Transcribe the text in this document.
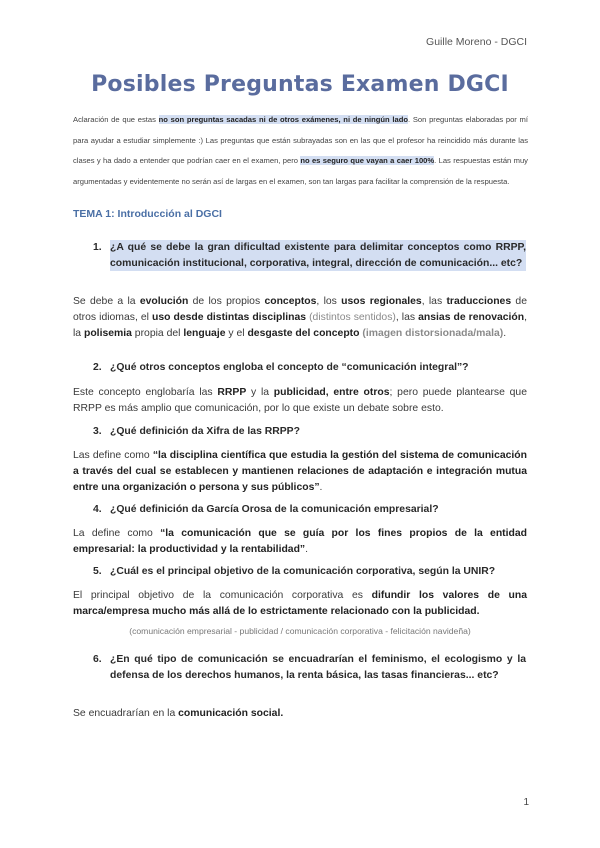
Guille Moreno - DGCI
Posibles Preguntas Examen DGCI
Aclaración de que estas no son preguntas sacadas ni de otros exámenes, ni de ningún lado. Son preguntas elaboradas por mí para ayudar a estudiar simplemente :) Las preguntas que están subrayadas son en las que el profesor ha reincidido más durante las clases y ha dado a entender que podrían caer en el examen, pero no es seguro que vayan a caer 100%. Las respuestas están muy argumentadas y evidentemente no serán así de largas en el examen, son tan largas para facilitar la comprensión de la respuesta.
TEMA 1: Introducción al DGCI
1. ¿A qué se debe la gran dificultad existente para delimitar conceptos como RRPP, comunicación institucional, corporativa, integral, dirección de comunicación... etc?
Se debe a la evolución de los propios conceptos, los usos regionales, las traducciones de otros idiomas, el uso desde distintas disciplinas (distintos sentidos), las ansias de renovación, la polisemia propia del lenguaje y el desgaste del concepto (imagen distorsionada/mala).
2. ¿Qué otros conceptos engloba el concepto de “comunicación integral”?
Este concepto englobaría las RRPP y la publicidad, entre otros; pero puede plantearse que RRPP es más amplio que comunicación, por lo que existe un debate sobre esto.
3. ¿Qué definición da Xifra de las RRPP?
Las define como “la disciplina científica que estudia la gestión del sistema de comunicación a través del cual se establecen y mantienen relaciones de adaptación e integración mutua entre una organización o persona y sus públicos”.
4. ¿Qué definición da García Orosa de la comunicación empresarial?
La define como “la comunicación que se guía por los fines propios de la entidad empresarial: la productividad y la rentabilidad”.
5. ¿Cuál es el principal objetivo de la comunicación corporativa, según la UNIR?
El principal objetivo de la comunicación corporativa es difundir los valores de una marca/empresa mucho más allá de lo estrictamente relacionado con la publicidad.
(comunicación empresarial - publicidad / comunicación corporativa - felicitación navideña)
6. ¿En qué tipo de comunicación se encuadrarían el feminismo, el ecologismo y la defensa de los derechos humanos, la renta básica, las tasas financieras... etc?
Se encuadrarían en la comunicación social.
1
